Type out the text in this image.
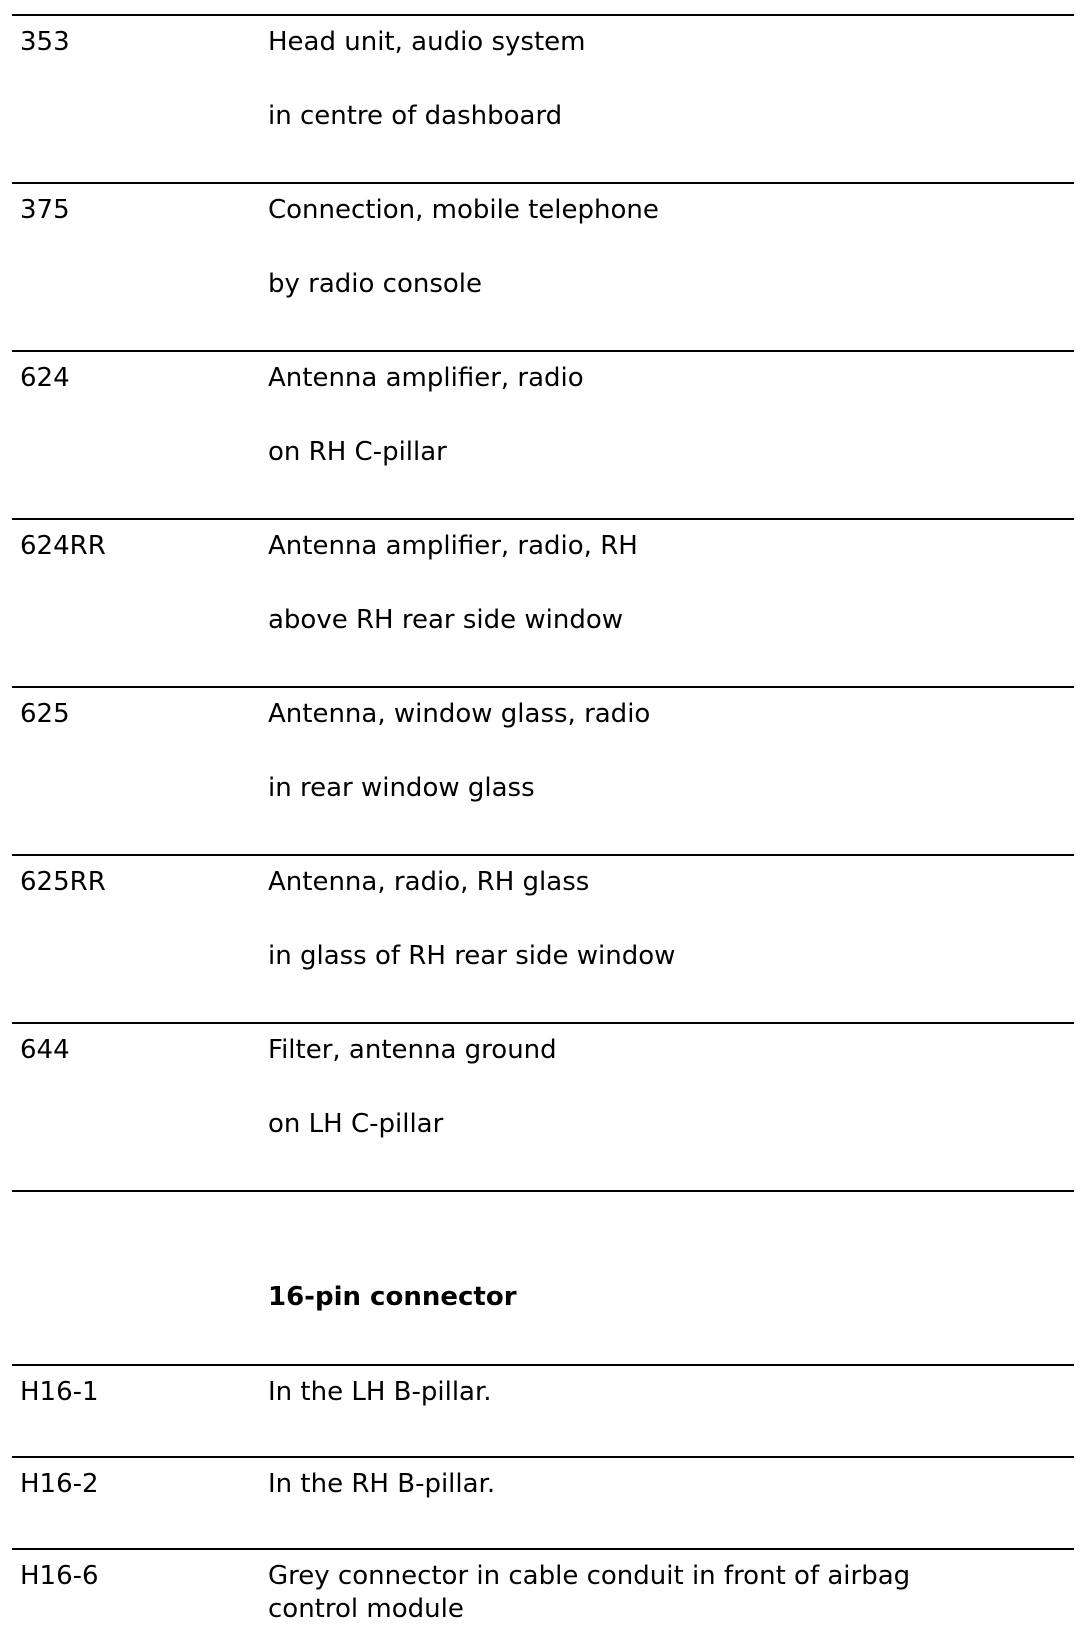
353	Head unit, audio system
in centre of dashboard
375	Connection, mobile telephone
by radio console
624	Antenna amplifier, radio
on RH C-pillar
624RR	Antenna amplifier, radio, RH
above RH rear side window
625	Antenna, window glass, radio
in rear window glass
625RR	Antenna, radio, RH glass
in glass of RH rear side window
644	Filter, antenna ground
on LH C-pillar
16-pin connector
H16-1	In the LH B-pillar.
H16-2	In the RH B-pillar.
H16-6	Grey connector in cable conduit in front of airbag control module
